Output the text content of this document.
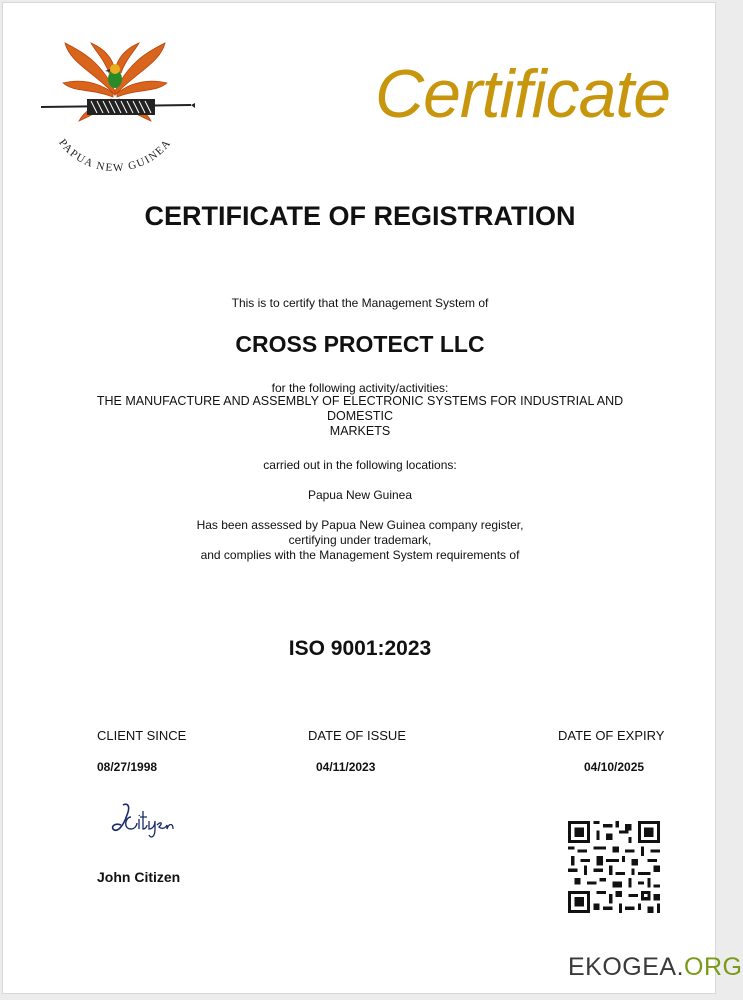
PAPUA NEW GUINEA
Certificate
CERTIFICATE OF REGISTRATION
This is to certify that the Management System of
CROSS PROTECT LLC
for the following activity/activities:
THE MANUFACTURE AND ASSEMBLY OF ELECTRONIC SYSTEMS FOR INDUSTRIAL AND
DOMESTIC
MARKETS
carried out in the following locations:
Papua New Guinea
Has been assessed by Papua New Guinea company register,
certifying under trademark,
and complies with the Management System requirements of
ISO 9001:2023
CLIENT SINCE
08/27/1998
DATE OF ISSUE
04/11/2023
DATE OF EXPIRY
04/10/2025
John Citizen
EKOGEA.ORG
